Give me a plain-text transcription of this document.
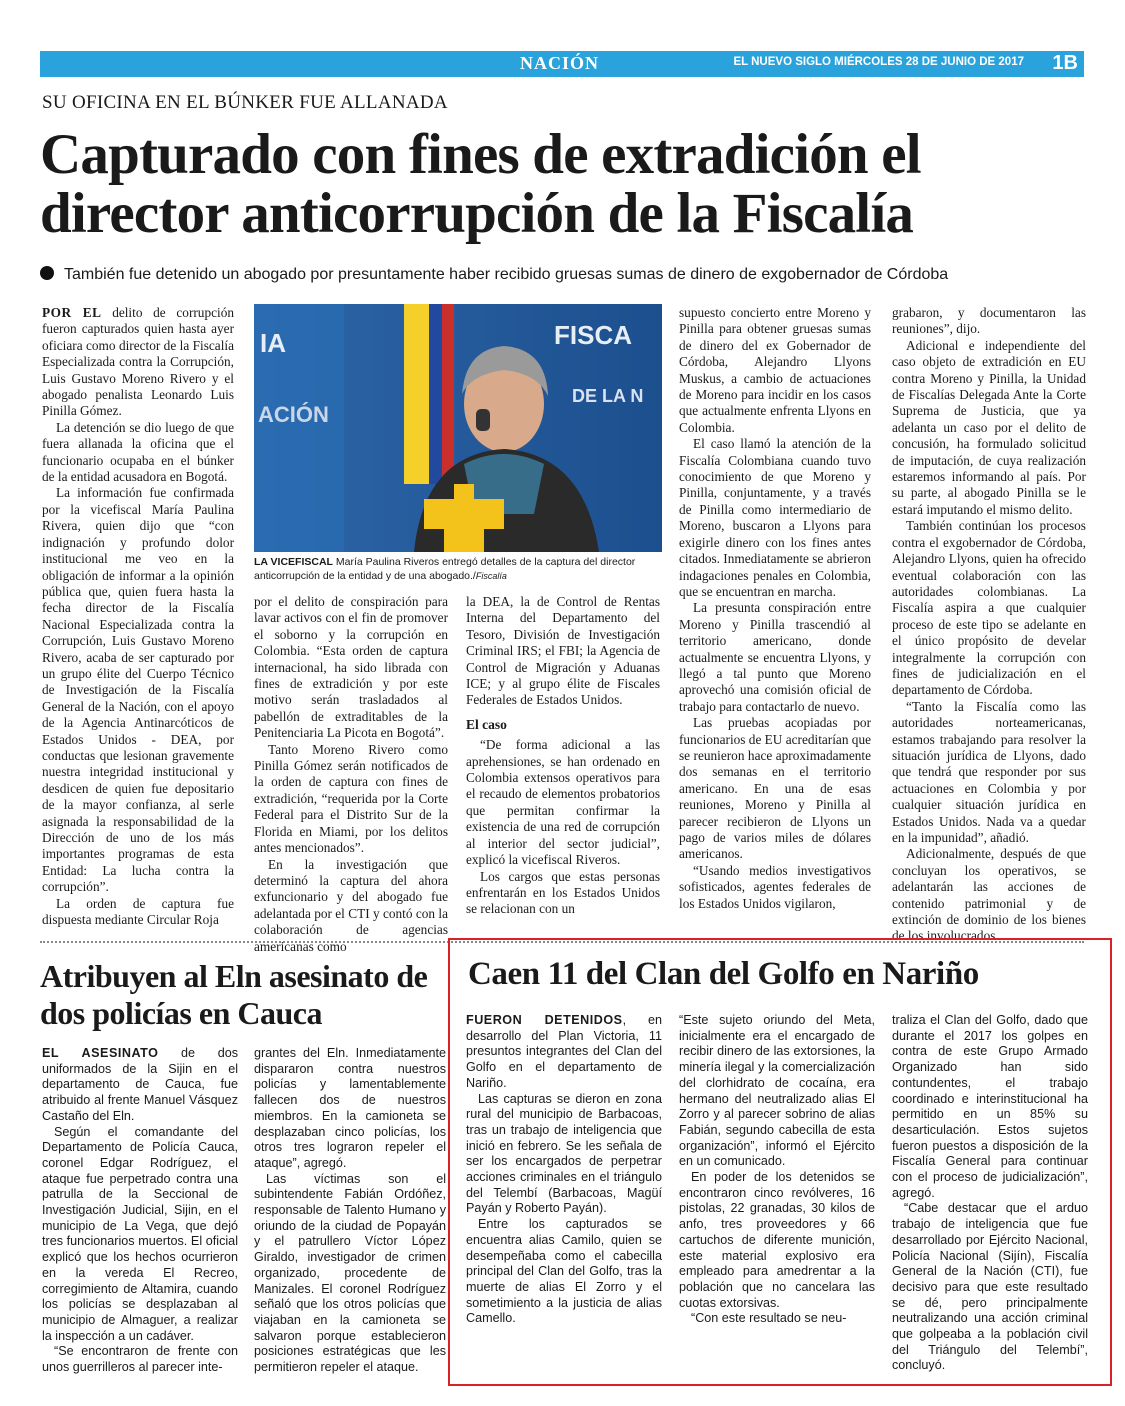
NACIÓN	EL NUEVO SIGLO MIÉRCOLES 28 DE JUNIO DE 2017 1B
SU OFICINA EN EL BÚNKER FUE ALLANADA
Capturado con fines de extradición el director anticorrupción de la Fiscalía
También fue detenido un abogado por presuntamente haber recibido gruesas sumas de dinero de exgobernador de Córdoba

POR EL delito de corrupción fueron capturados quien hasta ayer oficiara como director de la Fiscalía Especializada contra la Corrupción, Luis Gustavo Moreno Rivero y el abogado penalista Leonardo Luis Pinilla Gómez.

La detención se dio luego de que fuera allanada la oficina que el funcionario ocupaba en el búnker de la entidad acusadora en Bogotá.

La información fue confirmada por la vicefiscal María Paulina Rivera, quien dijo que “con indignación y profundo dolor institucional me veo en la obligación de informar a la opinión pública que, quien fuera hasta la fecha director de la Fiscalía Nacional Especializada contra la Corrupción, Luis Gustavo Moreno Rivero, acaba de ser capturado por un grupo élite del Cuerpo Técnico de Investigación de la Fiscalía General de la Nación, con el apoyo de la Agencia Antinarcóticos de Estados Unidos - DEA, por conductas que lesionan gravemente nuestra integridad institucional y desdicen de quien fue depositario de la mayor confianza, al serle asignada la responsabilidad de la Dirección de uno de los más importantes programas de esta Entidad: La lucha contra la corrupción”.

La orden de captura fue dispuesta mediante Circular Roja

IA
ACIÓN
FISCA
DE LA N
LA VICEFISCAL María Paulina Riveros entregó detalles de la captura del director anticorrupción de la entidad y de una abogado./Fiscalía

por el delito de conspiración para lavar activos con el fin de promover el soborno y la corrupción en Colombia. “Esta orden de captura internacional, ha sido librada con fines de extradición y por este motivo serán trasladados al pabellón de extraditables de la Penitenciaria La Picota en Bogotá”.

Tanto Moreno Rivero como Pinilla Gómez serán notificados de la orden de captura con fines de extradición, “requerida por la Corte Federal para el Distrito Sur de la Florida en Miami, por los delitos antes mencionados”.

En la investigación que determinó la captura del ahora exfuncionario y del abogado fue adelantada por el CTI y contó con la colaboración de agencias americanas como

la DEA, la de Control de Rentas Interna del Departamento del Tesoro, División de Investigación Criminal IRS; el FBI; la Agencia de Control de Migración y Aduanas ICE; y al grupo élite de Fiscales Federales de Estados Unidos.

El caso

“De forma adicional a las aprehensiones, se han ordenado en Colombia extensos operativos para el recaudo de elementos probatorios que permitan confirmar la existencia de una red de corrupción al interior del sector judicial”, explicó la vicefiscal Riveros.

Los cargos que estas personas enfrentarán en los Estados Unidos se relacionan con un

supuesto concierto entre Moreno y Pinilla para obtener gruesas sumas de dinero del ex Gobernador de Córdoba, Alejandro Llyons Muskus, a cambio de actuaciones de Moreno para incidir en los casos que actualmente enfrenta Llyons en Colombia.

El caso llamó la atención de la Fiscalía Colombiana cuando tuvo conocimiento de que Moreno y Pinilla, conjuntamente, y a través de Pinilla como intermediario de Moreno, buscaron a Llyons para exigirle dinero con los fines antes citados. Inmediatamente se abrieron indagaciones penales en Colombia, que se encuentran en marcha.

La presunta conspiración entre Moreno y Pinilla trascendió al territorio americano, donde actualmente se encuentra Llyons, y llegó a tal punto que Moreno aprovechó una comisión oficial de trabajo para contactarlo de nuevo.

Las pruebas acopiadas por funcionarios de EU acreditarían que se reunieron hace aproximadamente dos semanas en el territorio americano. En una de esas reuniones, Moreno y Pinilla al parecer recibieron de Llyons un pago de varios miles de dólares americanos.

“Usando medios investigativos sofisticados, agentes federales de los Estados Unidos vigilaron,

grabaron, y documentaron las reuniones”, dijo.

Adicional e independiente del caso objeto de extradición en EU contra Moreno y Pinilla, la Unidad de Fiscalías Delegada Ante la Corte Suprema de Justicia, que ya adelanta un caso por el delito de concusión, ha formulado solicitud de imputación, de cuya realización estaremos informando al país. Por su parte, al abogado Pinilla se le estará imputando el mismo delito.

También continúan los procesos contra el exgobernador de Córdoba, Alejandro Llyons, quien ha ofrecido eventual colaboración con las autoridades colombianas. La Fiscalía aspira a que cualquier proceso de este tipo se adelante en el único propósito de develar integralmente la corrupción con fines de judicialización en el departamento de Córdoba.

“Tanto la Fiscalía como las autoridades norteamericanas, estamos trabajando para resolver la situación jurídica de Llyons, dado que tendrá que responder por sus actuaciones en Colombia y por cualquier situación jurídica en Estados Unidos. Nada va a quedar en la impunidad”, añadió.

Adicionalmente, después de que concluyan los operativos, se adelantarán las acciones de contenido patrimonial y de extinción de dominio de los bienes de los involucrados.

Atribuyen al Eln asesinato de dos policías en Cauca

EL ASESINATO de dos uniformados de la Sijin en el departamento de Cauca, fue atribuido al frente Manuel Vásquez Castaño del Eln.

Según el comandante del Departamento de Policía Cauca, coronel Edgar Rodríguez, el ataque fue perpetrado contra una patrulla de la Seccional de Investigación Judicial, Sijin, en el municipio de La Vega, que dejó tres funcionarios muertos. El oficial explicó que los hechos ocurrieron en la vereda El Recreo, corregimiento de Altamira, cuando los policías se desplazaban al municipio de Almaguer, a realizar la inspección a un cadáver.

“Se encontraron de frente con unos guerrilleros al parecer inte-

grantes del Eln. Inmediatamente dispararon contra nuestros policías y lamentablemente fallecen dos de nuestros miembros. En la camioneta se desplazaban cinco policías, los otros tres lograron repeler el ataque”, agregó.

Las víctimas son el subintendente Fabián Ordóñez, responsable de Talento Humano y oriundo de la ciudad de Popayán y el patrullero Víctor López Giraldo, investigador de crimen organizado, procedente de Manizales. El coronel Rodríguez señaló que los otros policías que viajaban en la camioneta se salvaron porque establecieron posiciones estratégicas que les permitieron repeler el ataque.

Caen 11 del Clan del Golfo en Nariño

FUERON DETENIDOS, en desarrollo del Plan Victoria, 11 presuntos integrantes del Clan del Golfo en el departamento de Nariño.

Las capturas se dieron en zona rural del municipio de Barbacoas, tras un trabajo de inteligencia que inició en febrero. Se les señala de ser los encargados de perpetrar acciones criminales en el triángulo del Telembí (Barbacoas, Magüí Payán y Roberto Payán).

Entre los capturados se encuentra alias Camilo, quien se desempeñaba como el cabecilla principal del Clan del Golfo, tras la muerte de alias El Zorro y el sometimiento a la justicia de alias Camello.

“Este sujeto oriundo del Meta, inicialmente era el encargado de recibir dinero de las extorsiones, la minería ilegal y la comercialización del clorhidrato de cocaína, era hermano del neutralizado alias El Zorro y al parecer sobrino de alias Fabián, segundo cabecilla de esta organización”, informó el Ejército en un comunicado.

En poder de los detenidos se encontraron cinco revólveres, 16 pistolas, 22 granadas, 30 kilos de anfo, tres proveedores y 66 cartuchos de diferente munición, este material explosivo era empleado para amedrentar a la población que no cancelara las cuotas extorsivas.

“Con este resultado se neu-

traliza el Clan del Golfo, dado que durante el 2017 los golpes en contra de este Grupo Armado Organizado han sido contundentes, el trabajo coordinado e interinstitucional ha permitido en un 85% su desarticulación. Estos sujetos fueron puestos a disposición de la Fiscalía General para continuar con el proceso de judicialización”, agregó.

“Cabe destacar que el arduo trabajo de inteligencia que fue desarrollado por Ejército Nacional, Policía Nacional (Sijín), Fiscalía General de la Nación (CTI), fue decisivo para que este resultado se dé, pero principalmente neutralizando una acción criminal que golpeaba a la población civil del Triángulo del Telembí”, concluyó.
